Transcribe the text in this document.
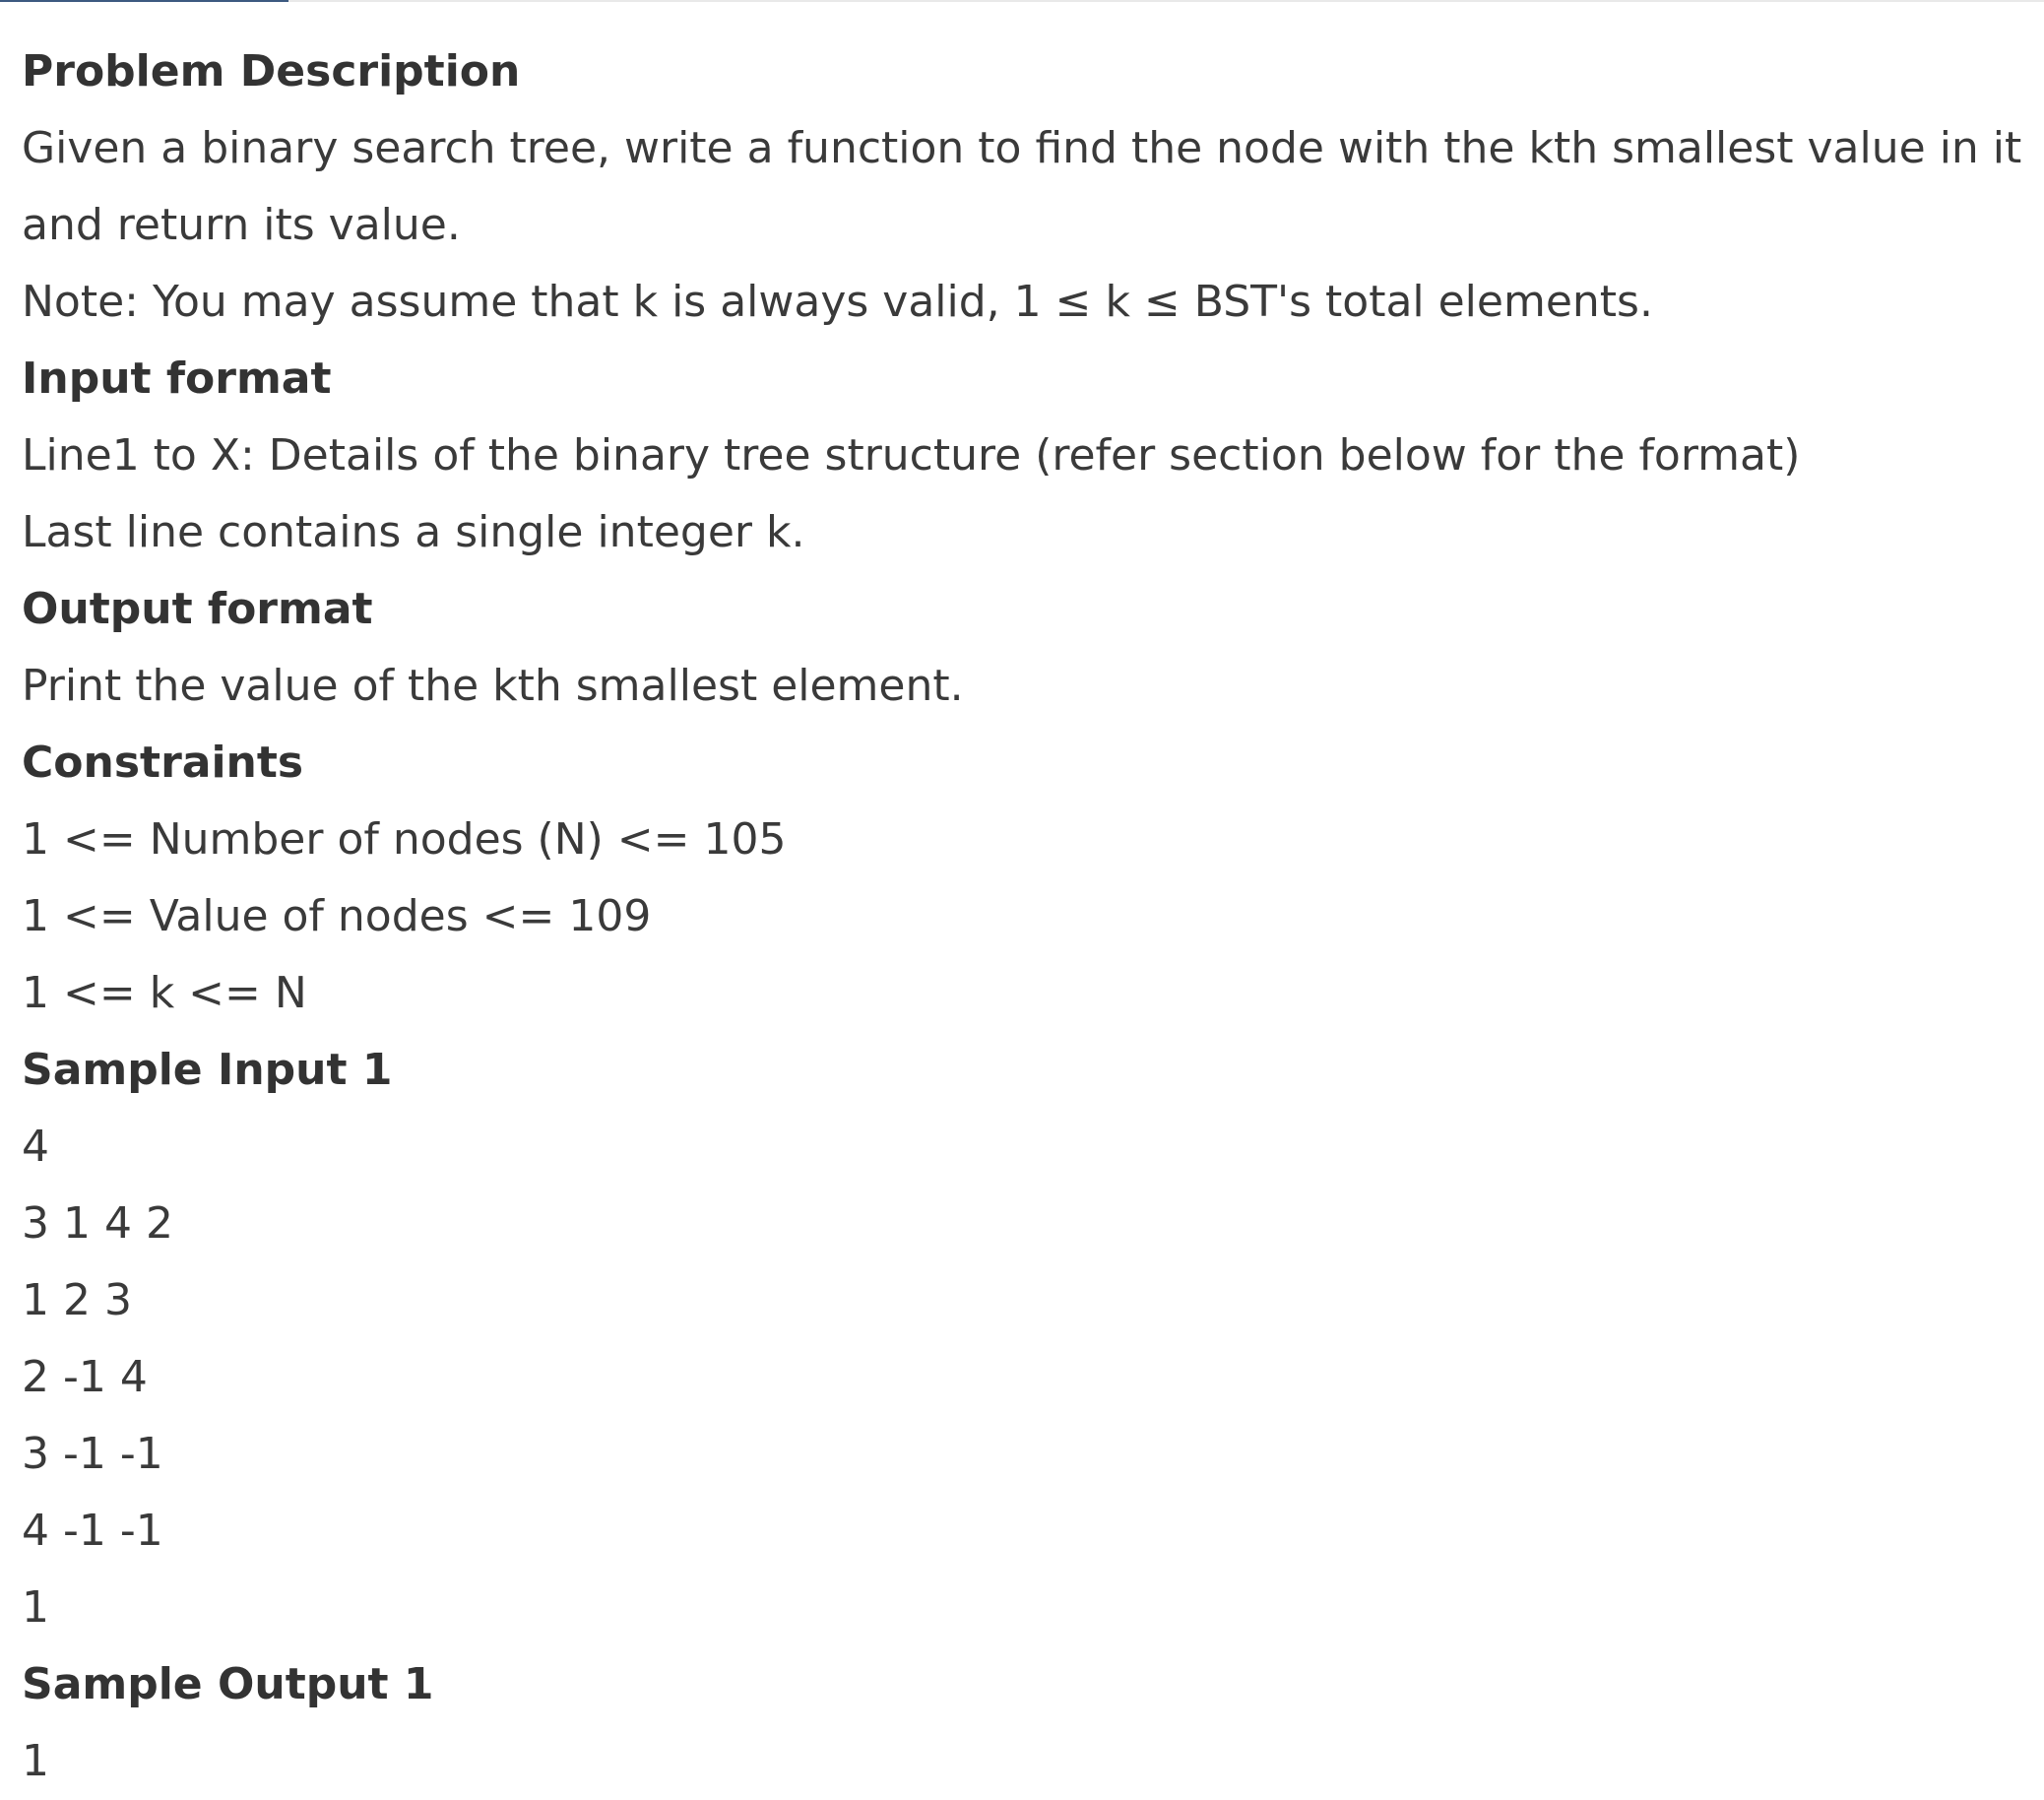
Problem Description
Given a binary search tree, write a function to find the node with the kth smallest value in it
and return its value.
Note: You may assume that k is always valid, 1 ≤ k ≤ BST's total elements.
Input format
Line1 to X: Details of the binary tree structure (refer section below for the format)
Last line contains a single integer k.
Output format
Print the value of the kth smallest element.
Constraints
1 <= Number of nodes (N) <= 105
1 <= Value of nodes <= 109
1 <= k <= N
Sample Input 1
4
3 1 4 2
1 2 3
2 -1 4
3 -1 -1
4 -1 -1
1
Sample Output 1
1
